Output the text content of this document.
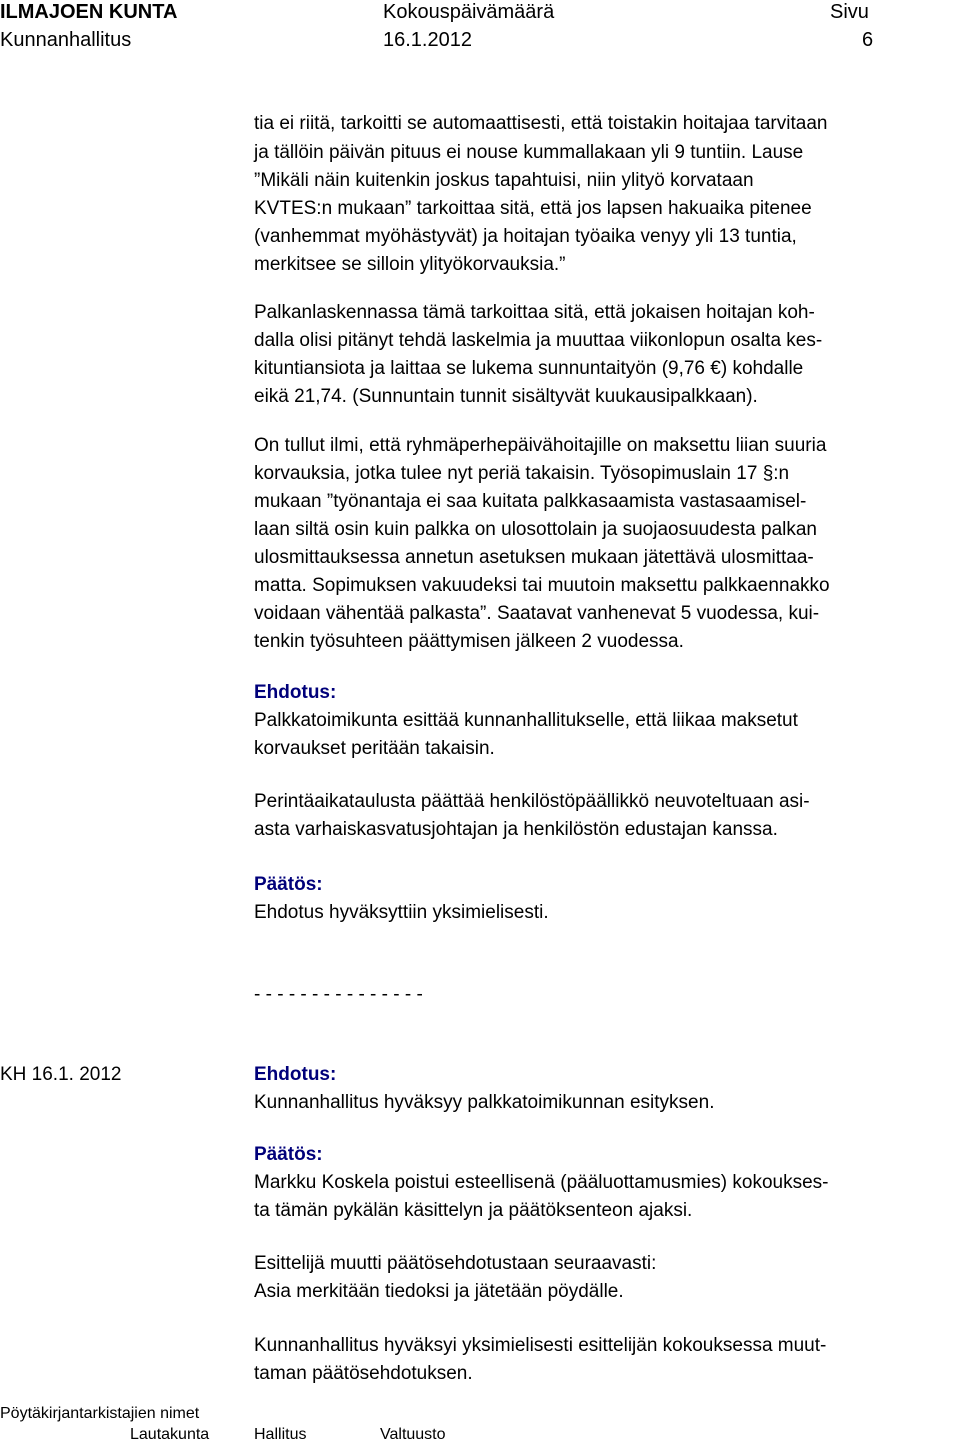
ILMAJOEN KUNTA	Kokouspäivämäärä	Sivu
Kunnanhallitus	16.1.2012	6
tia ei riitä, tarkoitti se automaattisesti, että toistakin hoitajaa tarvitaan
ja tällöin päivän pituus ei nouse kummallakaan yli 9 tuntiin. Lause
”Mikäli näin kuitenkin joskus tapahtuisi, niin ylityö korvataan
KVTES:n mukaan” tarkoittaa sitä, että jos lapsen hakuaika pitenee
(vanhemmat myöhästyvät) ja hoitajan työaika venyy yli 13 tuntia,
merkitsee se silloin ylityökorvauksia.”
Palkanlaskennassa tämä tarkoittaa sitä, että jokaisen hoitajan koh-
dalla olisi pitänyt tehdä laskelmia ja muuttaa viikonlopun osalta kes-
kituntiansiota ja laittaa se lukema sunnuntaityön (9,76 €) kohdalle
eikä 21,74. (Sunnuntain tunnit sisältyvät kuukausipalkkaan).
On tullut ilmi, että ryhmäperhepäivähoitajille on maksettu liian suuria
korvauksia, jotka tulee nyt periä takaisin. Työsopimuslain 17 §:n
mukaan ”työnantaja ei saa kuitata palkkasaamista vastasaamisel-
laan siltä osin kuin palkka on ulosottolain ja suojaosuudesta palkan
ulosmittauksessa annetun asetuksen mukaan jätettävä ulosmittaa-
matta. Sopimuksen vakuudeksi tai muutoin maksettu palkkaennakko
voidaan vähentää palkasta”. Saatavat vanhenevat 5 vuodessa, kui-
tenkin työsuhteen päättymisen jälkeen 2 vuodessa.
Ehdotus:
Palkkatoimikunta esittää kunnanhallitukselle, että liikaa maksetut
korvaukset peritään takaisin.
Perintäaikataulusta päättää henkilöstöpäällikkö neuvoteltuaan asi-
asta varhaiskasvatusjohtajan ja henkilöstön edustajan kanssa.
Päätös:
Ehdotus hyväksyttiin yksimielisesti.
- - - - - - - - - - - - - - -
KH 16.1. 2012	Ehdotus:
Kunnanhallitus hyväksyy palkkatoimikunnan esityksen.
Päätös:
Markku Koskela poistui esteellisenä (pääluottamusmies) kokoukses-
ta tämän pykälän käsittelyn ja päätöksenteon ajaksi.
Esittelijä muutti päätösehdotustaan seuraavasti:
Asia merkitään tiedoksi ja jätetään pöydälle.
Kunnanhallitus hyväksyi yksimielisesti esittelijän kokouksessa muut-
taman päätösehdotuksen.
Pöytäkirjantarkistajien nimet
Lautakunta	Hallitus	Valtuusto
